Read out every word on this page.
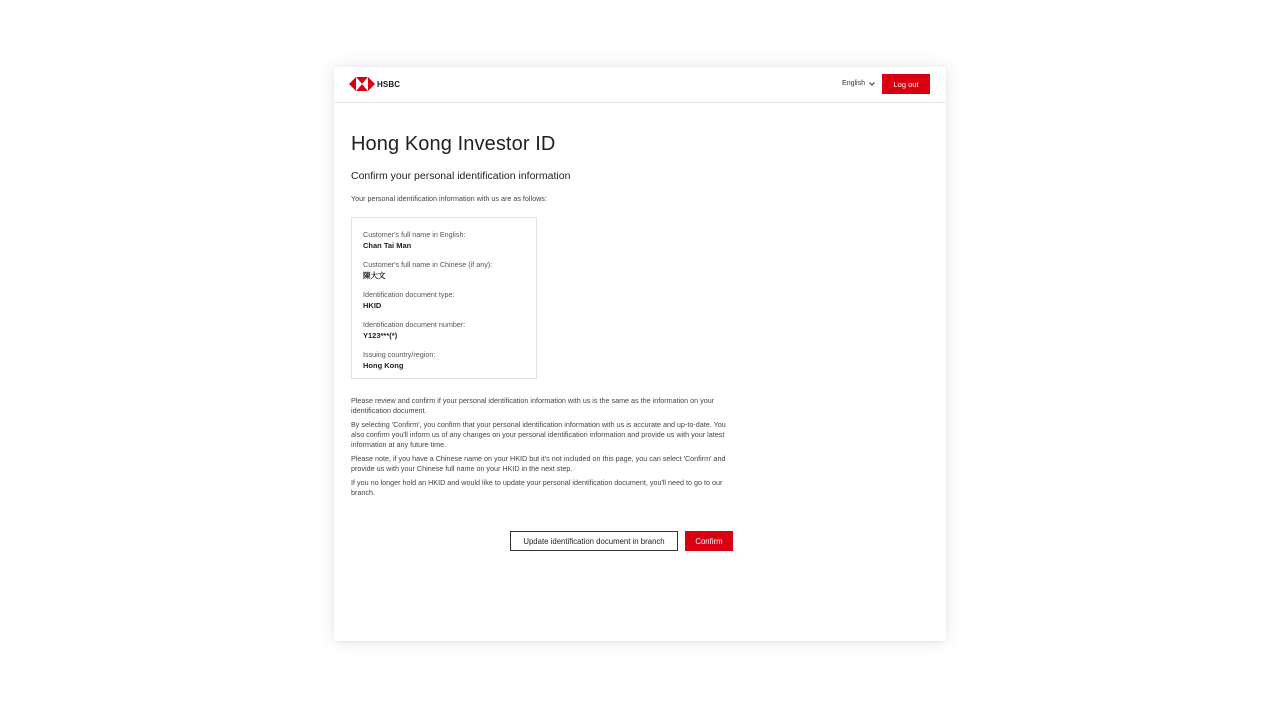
HSBC	English	Log out
Hong Kong Investor ID
Confirm your personal identification information
Your personal identification information with us are as follows:
Customer's full name in English:
Chan Tai Man
Customer's full name in Chinese (if any):
陳大文
Identification document type:
HKID
Identification document number:
Y123***(*)
Issuing country/region:
Hong Kong

Please review and confirm if your personal identification information with us is the same as the information on your identification document.

By selecting 'Confirm', you confirm that your personal identification information with us is accurate and up-to-date. You also confirm you'll inform us of any changes on your personal identification information and provide us with your latest information at any future time.

Please note, if you have a Chinese name on your HKID but it's not included on this page, you can select 'Confirm' and provide us with your Chinese full name on your HKID in the next step.

If you no longer hold an HKID and would like to update your personal identification document, you'll need to go to our branch.

Update identification document in branch	Confirm
